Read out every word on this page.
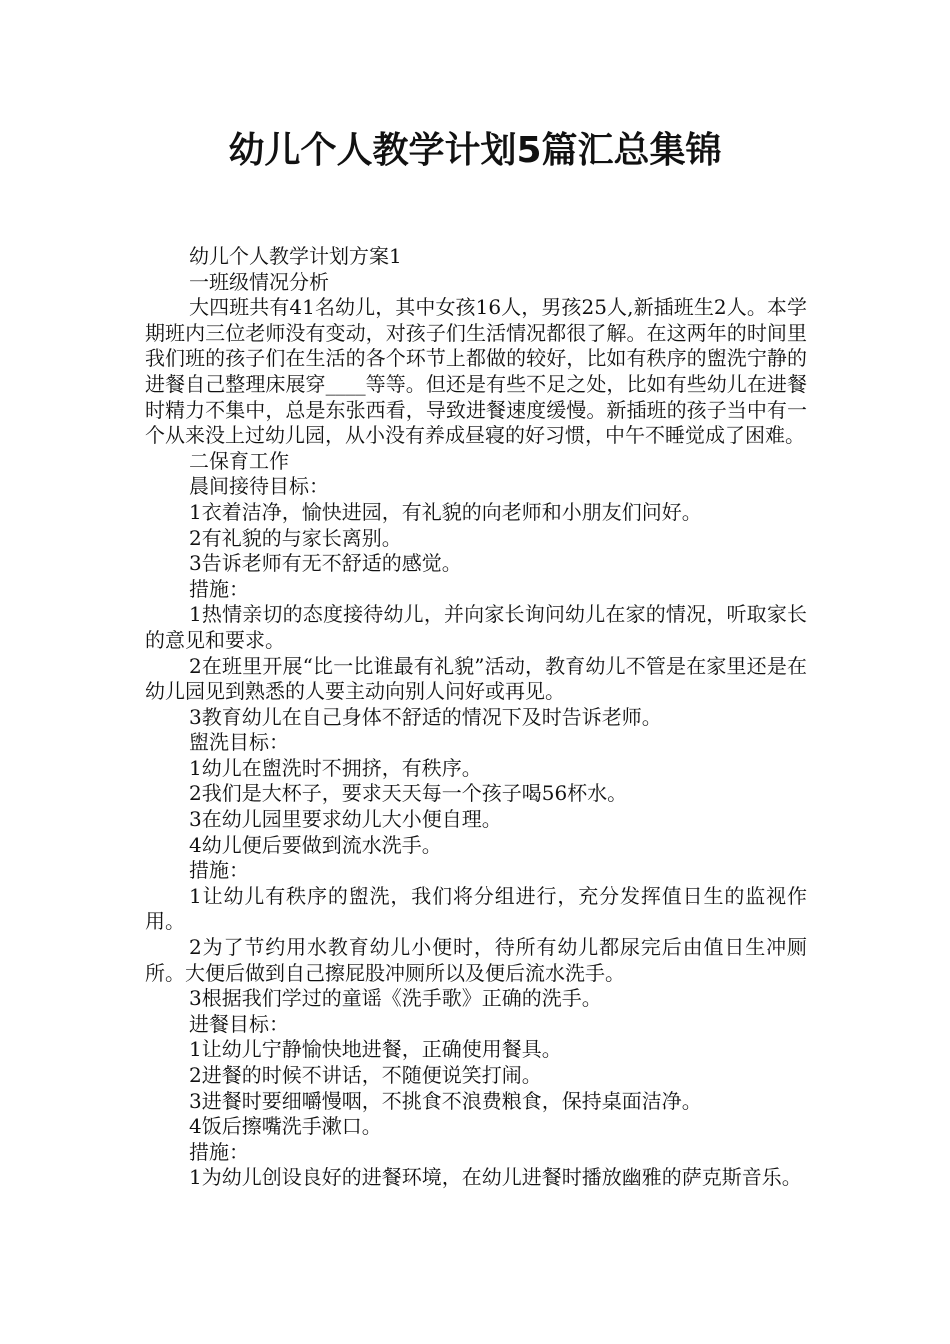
幼儿个人教学计划5篇汇总集锦

幼儿个人教学计划方案1

一班级情况分析

大四班共有41名幼儿，其中女孩16人，男孩25人,新插班生2人。本学期班内三位老师没有变动，对孩子们生活情况都很了解。在这两年的时间里我们班的孩子们在生活的各个环节上都做的较好，比如有秩序的盥洗宁静的进餐自己整理床展穿____等等。但还是有些不足之处，比如有些幼儿在进餐时精力不集中，总是东张西看，导致进餐速度缓慢。新插班的孩子当中有一个从来没上过幼儿园，从小没有养成昼寝的好习惯，中午不睡觉成了困难。

二保育工作

晨间接待目标：

1衣着洁净，愉快进园，有礼貌的向老师和小朋友们问好。

2有礼貌的与家长离别。

3告诉老师有无不舒适的感觉。

措施：

1热情亲切的态度接待幼儿，并向家长询问幼儿在家的情况，听取家长的意见和要求。

2在班里开展“比一比谁最有礼貌”活动，教育幼儿不管是在家里还是在幼儿园见到熟悉的人要主动向别人问好或再见。

3教育幼儿在自己身体不舒适的情况下及时告诉老师。

盥洗目标：

1幼儿在盥洗时不拥挤，有秩序。

2我们是大杯子，要求天天每一个孩子喝56杯水。

3在幼儿园里要求幼儿大小便自理。

4幼儿便后要做到流水洗手。

措施：

1让幼儿有秩序的盥洗，我们将分组进行，充分发挥值日生的监视作用。

2为了节约用水教育幼儿小便时，待所有幼儿都尿完后由值日生冲厕所。大便后做到自己擦屁股冲厕所以及便后流水洗手。

3根据我们学过的童谣《洗手歌》正确的洗手。

进餐目标：

1让幼儿宁静愉快地进餐，正确使用餐具。

2进餐的时候不讲话，不随便说笑打闹。

3进餐时要细嚼慢咽，不挑食不浪费粮食，保持桌面洁净。

4饭后擦嘴洗手漱口。

措施：

1为幼儿创设良好的进餐环境，在幼儿进餐时播放幽雅的萨克斯音乐。
